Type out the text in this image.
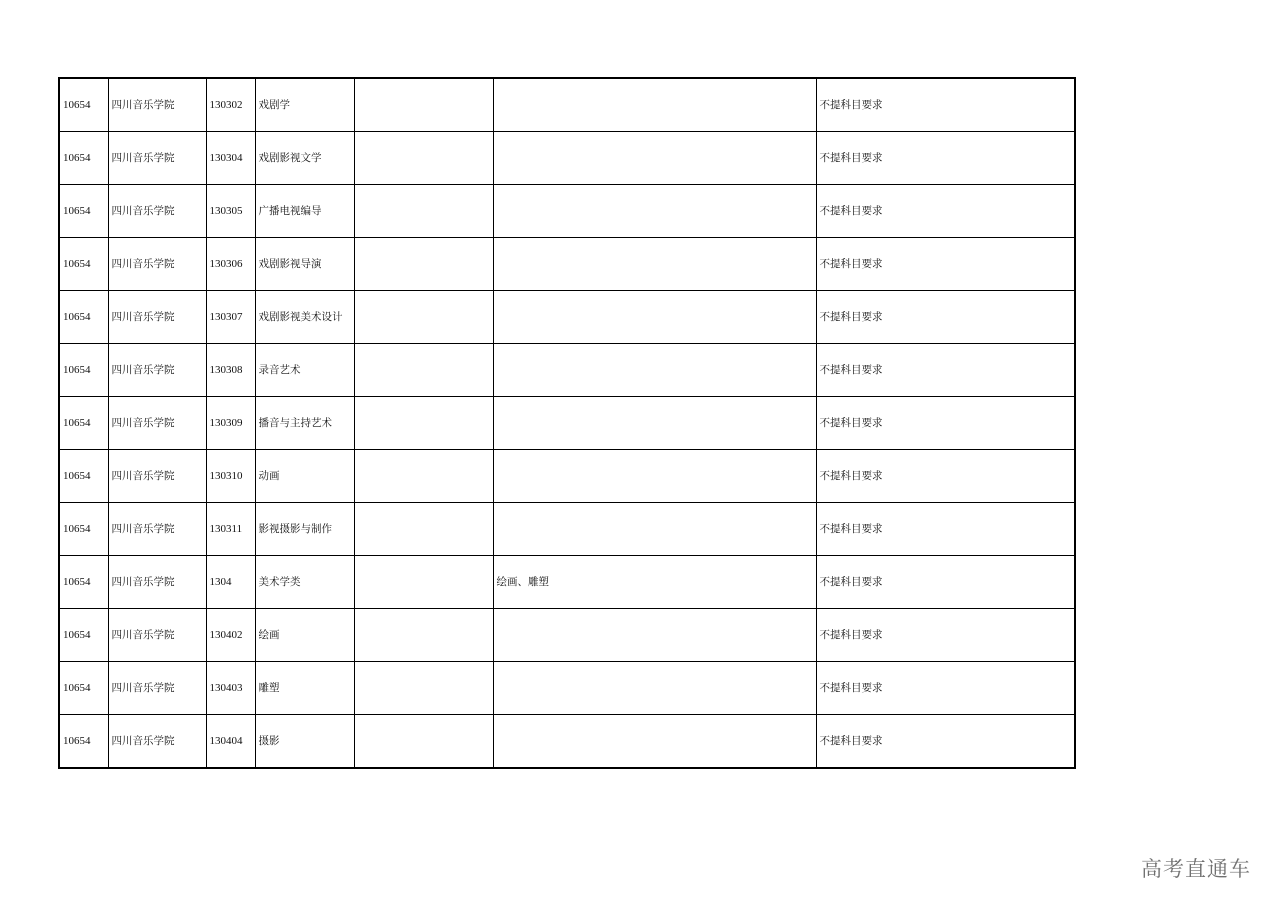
10654	四川音乐学院	130302	戏剧学			不提科目要求
10654	四川音乐学院	130304	戏剧影视文学			不提科目要求
10654	四川音乐学院	130305	广播电视编导			不提科目要求
10654	四川音乐学院	130306	戏剧影视导演			不提科目要求
10654	四川音乐学院	130307	戏剧影视美术设计			不提科目要求
10654	四川音乐学院	130308	录音艺术			不提科目要求
10654	四川音乐学院	130309	播音与主持艺术			不提科目要求
10654	四川音乐学院	130310	动画			不提科目要求
10654	四川音乐学院	130311	影视摄影与制作			不提科目要求
10654	四川音乐学院	1304	美术学类		绘画、雕塑	不提科目要求
10654	四川音乐学院	130402	绘画			不提科目要求
10654	四川音乐学院	130403	雕塑			不提科目要求
10654	四川音乐学院	130404	摄影			不提科目要求
高考直通车
